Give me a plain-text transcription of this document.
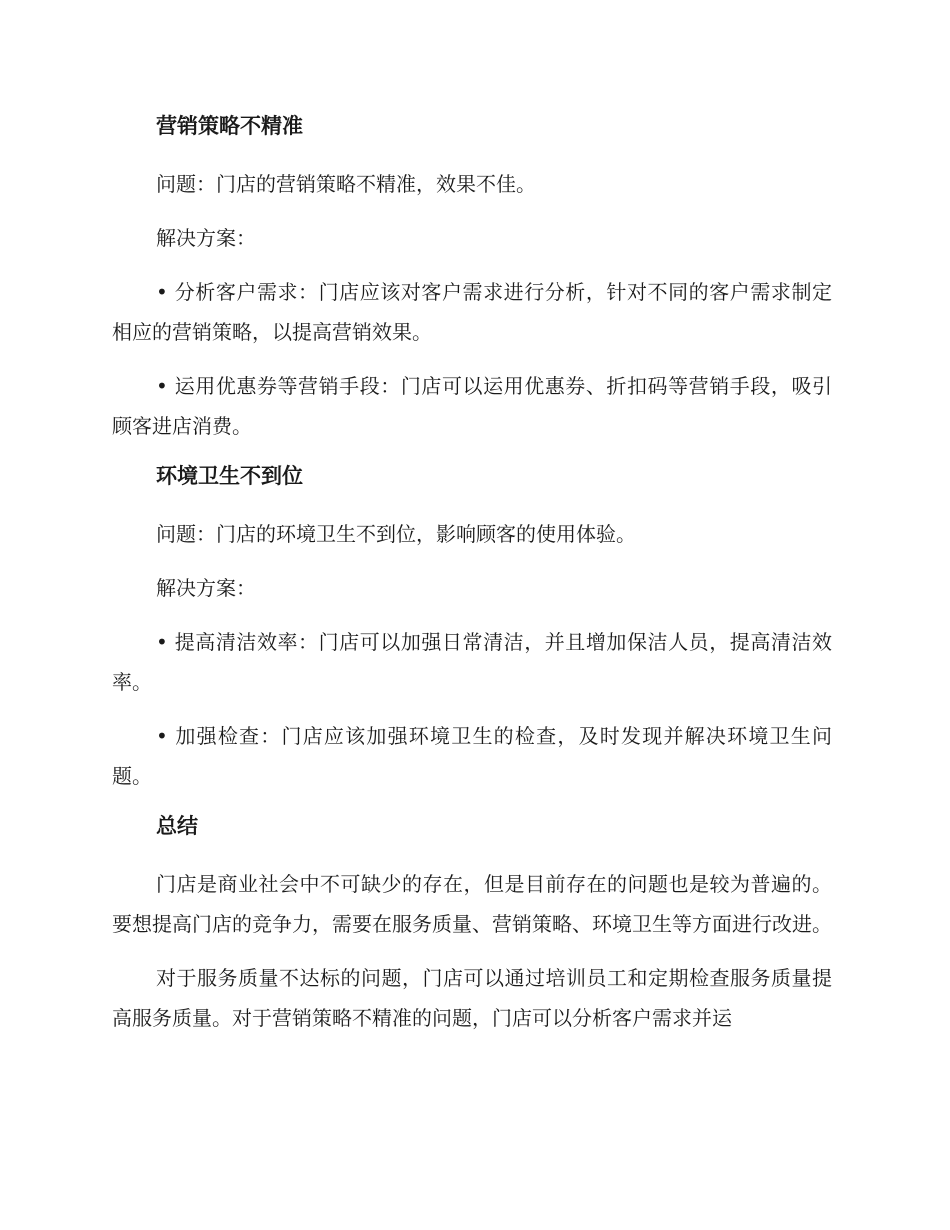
营销策略不精准

问题：门店的营销策略不精准，效果不佳。

解决方案：

• 分析客户需求：门店应该对客户需求进行分析，针对不同的客户需求制定相应的营销策略，以提高营销效果。

• 运用优惠券等营销手段：门店可以运用优惠券、折扣码等营销手段，吸引顾客进店消费。

环境卫生不到位

问题：门店的环境卫生不到位，影响顾客的使用体验。

解决方案：

• 提高清洁效率：门店可以加强日常清洁，并且增加保洁人员，提高清洁效率。

• 加强检查：门店应该加强环境卫生的检查，及时发现并解决环境卫生问题。

总结

门店是商业社会中不可缺少的存在，但是目前存在的问题也是较为普遍的。要想提高门店的竞争力，需要在服务质量、营销策略、环境卫生等方面进行改进。

对于服务质量不达标的问题，门店可以通过培训员工和定期检查服务质量提高服务质量。对于营销策略不精准的问题，门店可以分析客户需求并运
